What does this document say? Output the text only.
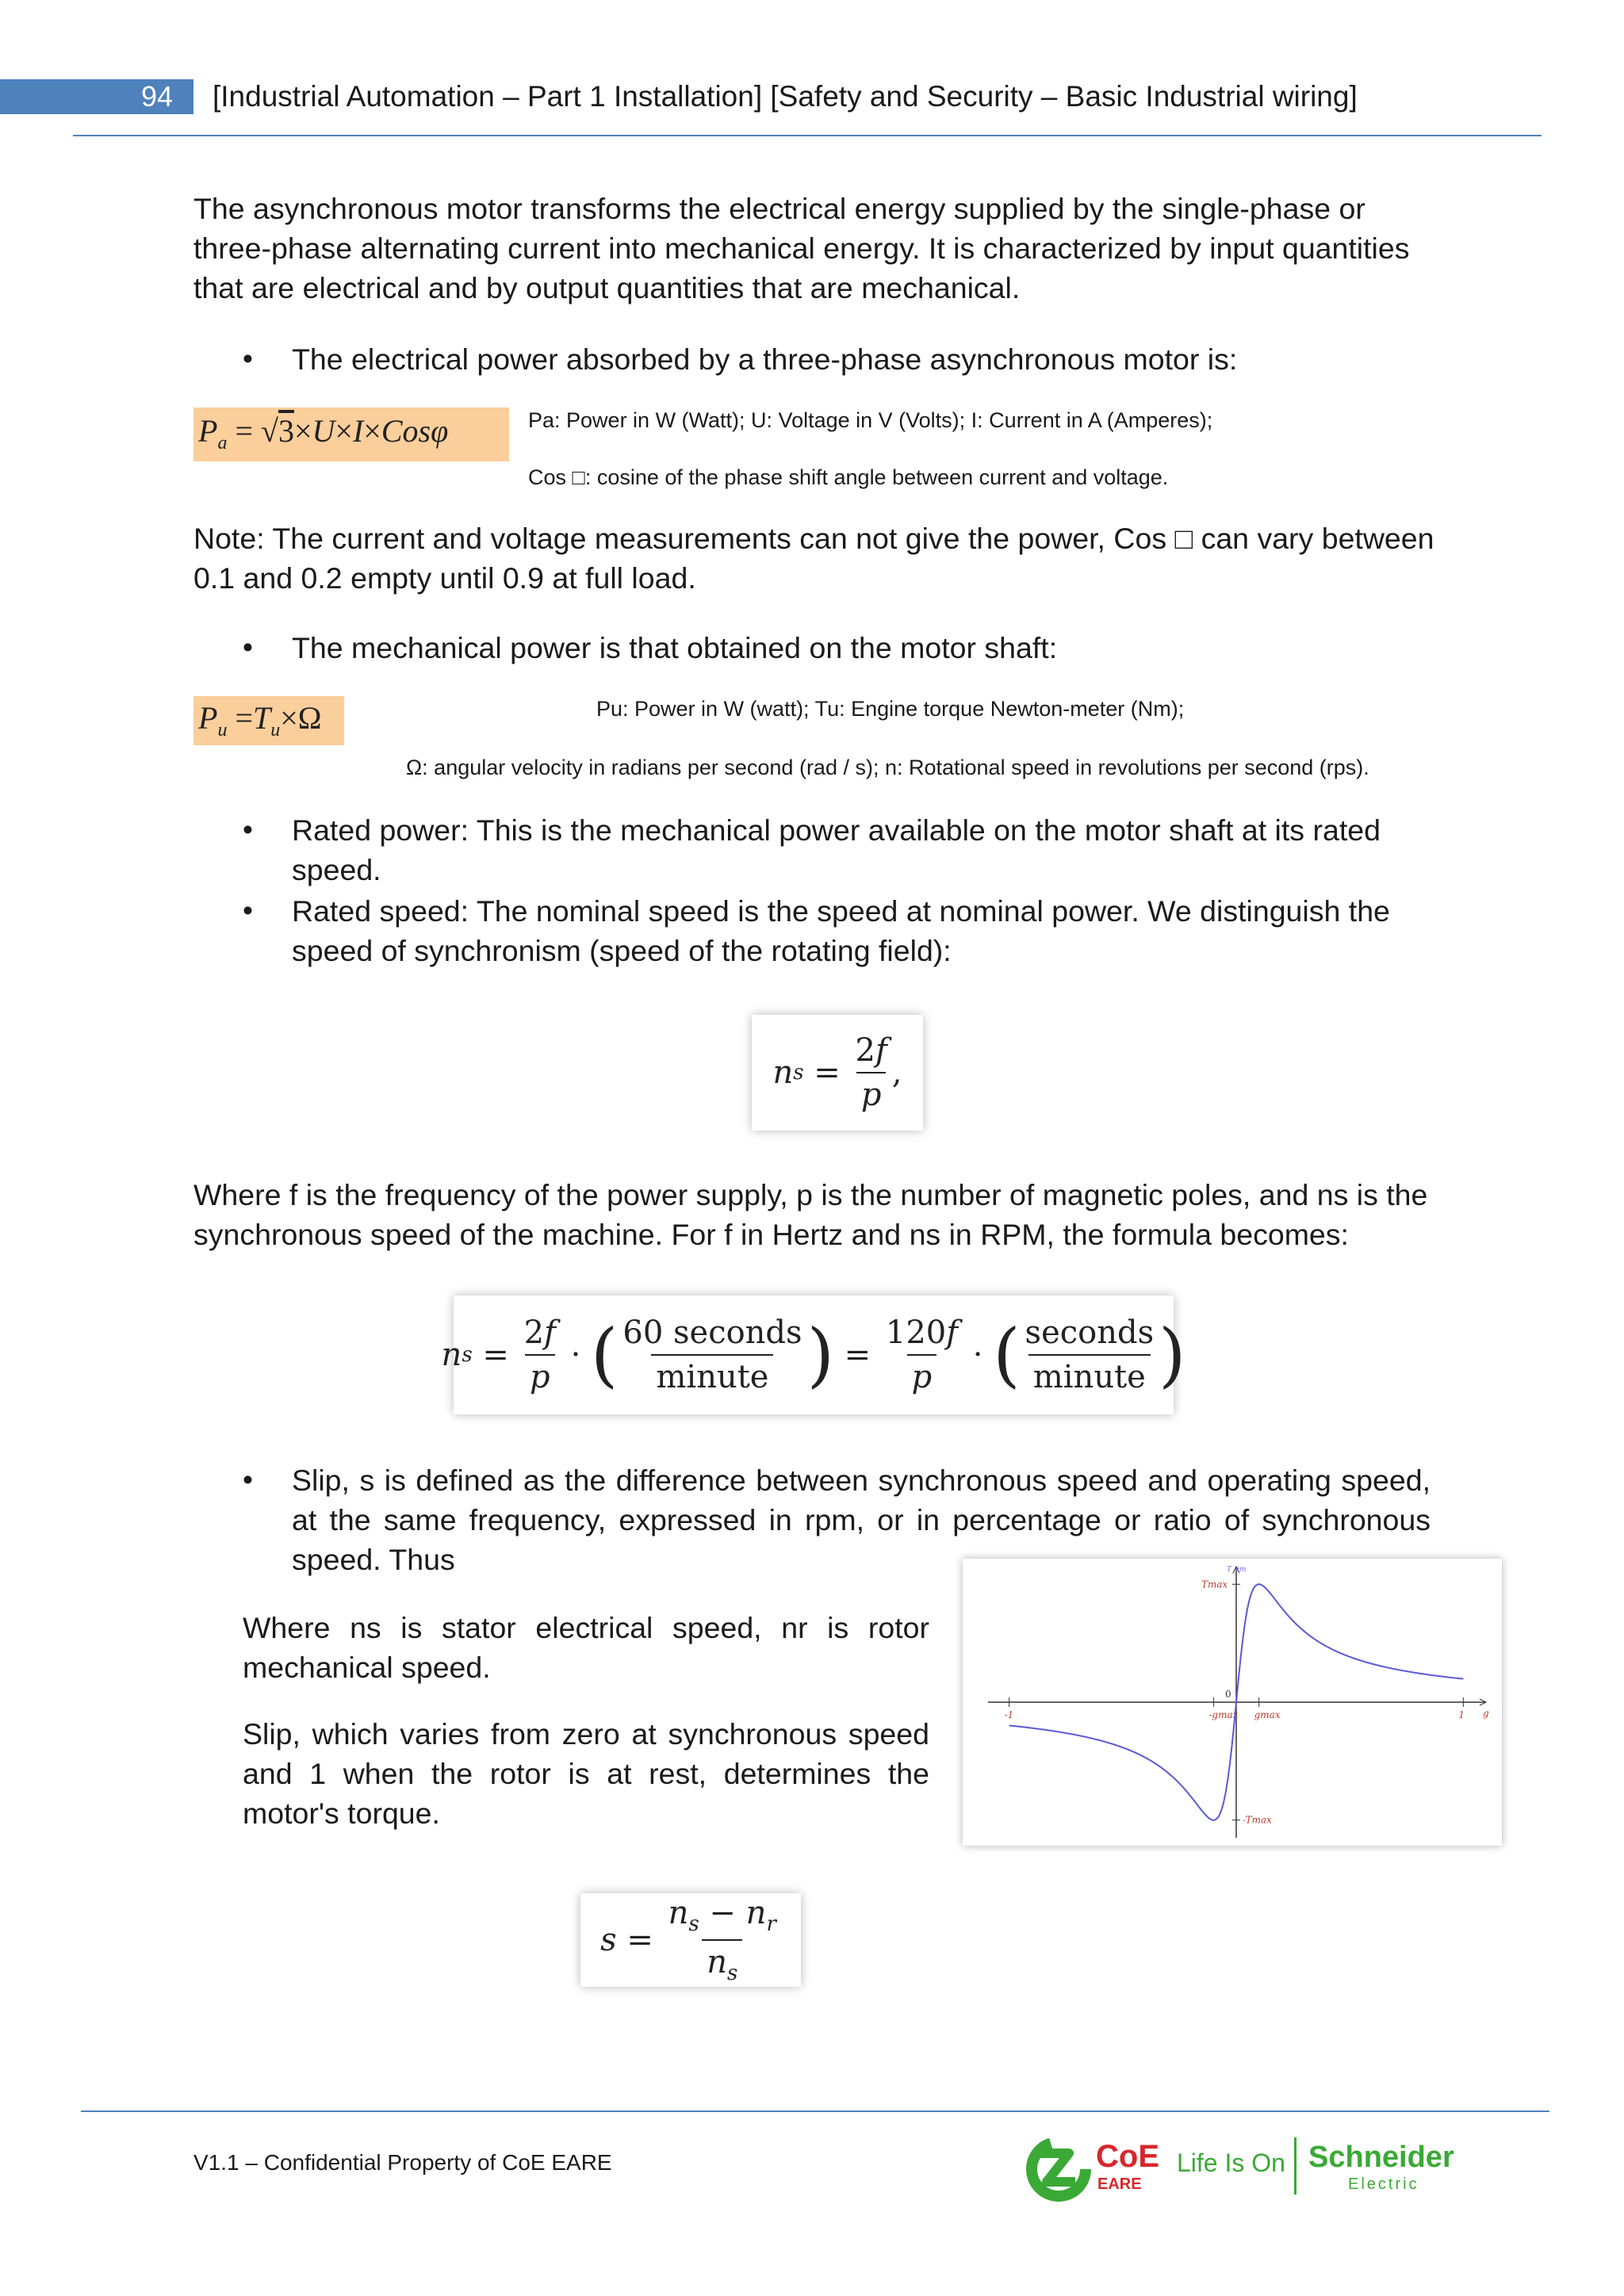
94	[Industrial Automation – Part 1 Installation] [Safety and Security – Basic Industrial wiring]
The asynchronous motor transforms the electrical energy supplied by the single-phase or three-phase alternating current into mechanical energy. It is characterized by input quantities that are electrical and by output quantities that are mechanical.
• The electrical power absorbed by a three-phase asynchronous motor is:
$P_a = √3\times U\times I\times Cos\varphi$	Pa: Power in W (Watt); U: Voltage in V (Volts); I: Current in A (Amperes);
Cos □: cosine of the phase shift angle between current and voltage.
Note: The current and voltage measurements can not give the power, Cos □ can vary between 0.1 and 0.2 empty until 0.9 at full load.
• The mechanical power is that obtained on the motor shaft:
$P_u =T_u\times\Omega$	Pu: Power in W (watt); Tu: Engine torque Newton-meter (Nm);
Ω: angular velocity in radians per second (rad / s); n: Rotational speed in revolutions per second (rps).
• Rated power: This is the mechanical power available on the motor shaft at its rated speed.
• Rated speed: The nominal speed is the speed at nominal power. We distinguish the speed of synchronism (speed of the rotating field):
n $s = \frac{2f}{p}$ ,
Where f is the frequency of the power supply, p is the number of magnetic poles, and ns is the synchronous speed of the machine. For f in Hertz and ns in RPM, the formula becomes:
n $s = \frac{2f}{p}$ · ( $\frac{\text{60 seconds}}{\text{minute}}$ ) = $\frac{120f}{p}$ · ( $\frac{\text{seconds}}{\text{minute}}$ )
• Slip, s is defined as the difference between synchronous speed and operating speed, at the same frequency, expressed in rpm, or in percentage or ratio of synchronous speed. Thus
Where ns is stator electrical speed, nr is rotor mechanical speed.
Slip, which varies from zero at synchronous speed and 1 when the rotor is at rest, determines the motor's torque.
-1	-gmax gmax	1
0
g
T_em
Tmax
-Tmax
$s = \frac{n_s - n_r}{n_s}$
V1.1 – Confidential Property of CoE EARE	CoE
EARE
Life Is On Schneider
Electric
